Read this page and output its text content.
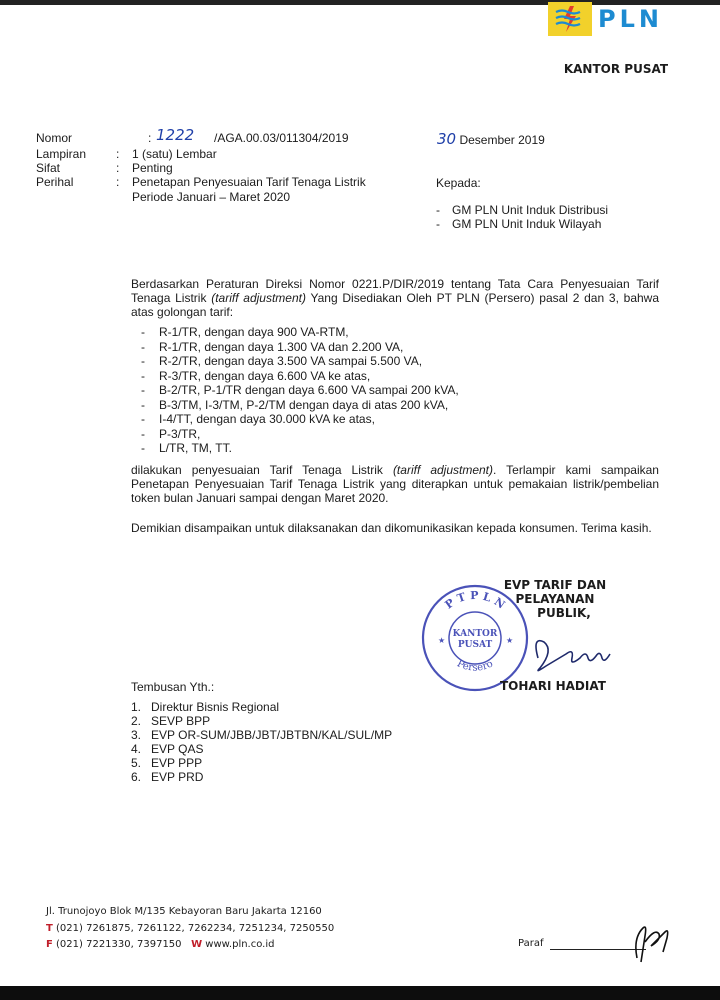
PLN
KANTOR PUSAT
Nomor	: 1222 /AGA.00.03/011304/2019
Lampiran	: 1 (satu) Lembar
Sifat	: Penting
Perihal	: Penetapan Penyesuaian Tarif Tenaga Listrik
Periode Januari – Maret 2020
30 Desember 2019
Kepada:
- GM PLN Unit Induk Distribusi
- GM PLN Unit Induk Wilayah
Berdasarkan Peraturan Direksi Nomor 0221.P/DIR/2019 tentang Tata Cara Penyesuaian Tarif Tenaga Listrik (tariff adjustment) Yang Disediakan Oleh PT PLN (Persero) pasal 2 dan 3, bahwa atas golongan tarif:
- R-1/TR, dengan daya 900 VA-RTM,
- R-1/TR, dengan daya 1.300 VA dan 2.200 VA,
- R-2/TR, dengan daya 3.500 VA sampai 5.500 VA,
- R-3/TR, dengan daya 6.600 VA ke atas,
- B-2/TR, P-1/TR dengan daya 6.600 VA sampai 200 kVA,
- B-3/TM, I-3/TM, P-2/TM dengan daya di atas 200 kVA,
- I-4/TT, dengan daya 30.000 kVA ke atas,
- P-3/TR,
- L/TR, TM, TT.
dilakukan penyesuaian Tarif Tenaga Listrik (tariff adjustment). Terlampir kami sampaikan Penetapan Penyesuaian Tarif Tenaga Listrik yang diterapkan untuk pemakaian listrik/pembelian token bulan Januari sampai dengan Maret 2020.
Demikian disampaikan untuk dilaksanakan dan dikomunikasikan kepada konsumen. Terima kasih.
P T P L N
Persero
KANTOR
PUSAT
★	★
EVP TARIF DAN PELAYANAN
PUBLIK,
TOHARI HADIAT
Tembusan Yth.:
1. Direktur Bisnis Regional
2. SEVP BPP
3. EVP OR-SUM/JBB/JBT/JBTBN/KAL/SUL/MP
4. EVP QAS
5. EVP PPP
6. EVP PRD
Jl. Trunojoyo Blok M/135 Kebayoran Baru Jakarta 12160
T (021) 7261875, 7261122, 7262234, 7251234, 7250550
F (021) 7221330, 7397150 W www.pln.co.id	Paraf
